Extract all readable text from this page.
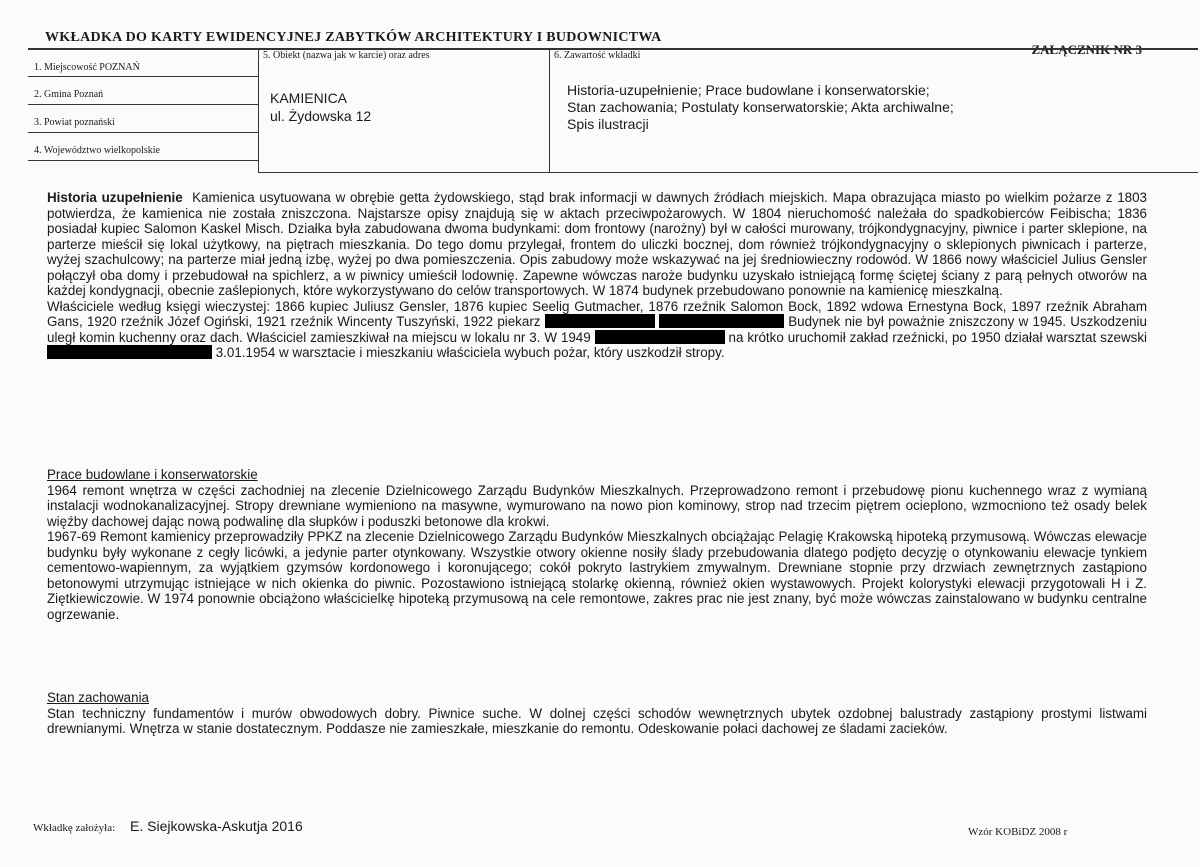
WKŁADKA DO KARTY EWIDENCYJNEJ ZABYTKÓW ARCHITEKTURY I BUDOWNICTWA
1. Miejscowość POZNAŃ
2. Gmina Poznań
3. Powiat poznański
4. Województwo wielkopolskie
5. Obiekt (nazwa jak w karcie) oraz adres
KAMIENICA
ul. Żydowska 12
6. Zawartość wkładki
Historia-uzupełnienie; Prace budowlane i konserwatorskie;
Stan zachowania; Postulaty konserwatorskie; Akta archiwalne;
Spis ilustracji

Historia uzupełnienie Kamienica usytuowana w obrębie getta żydowskiego, stąd brak informacji w dawnych źródłach miejskich. Mapa obrazująca miasto po wielkim pożarze z 1803 potwierdza, że kamienica nie została zniszczona. Najstarsze opisy znajdują się w aktach przeciwpożarowych. W 1804 nieruchomość należała do spadkobierców Feibischa; 1836 posiadał kupiec Salomon Kaskel Misch. Działka była zabudowana dwoma budynkami: dom frontowy (narożny) był w całości murowany, trójkondygnacyjny, piwnice i parter sklepione, na parterze mieścił się lokal użytkowy, na piętrach mieszkania. Do tego domu przylegał, frontem do uliczki bocznej, dom również trójkondygnacyjny o sklepionych piwnicach i parterze, wyżej szachulcowy; na parterze miał jedną izbę, wyżej po dwa pomieszczenia. Opis zabudowy może wskazywać na jej średniowieczny rodowód. W 1866 nowy właściciel Julius Gensler połączył oba domy i przebudował na spichlerz, a w piwnicy umieścił lodownię. Zapewne wówczas naroże budynku uzyskało istniejącą formę ściętej ściany z parą pełnych otworów na każdej kondygnacji, obecnie zaślepionych, które wykorzystywano do celów transportowych. W 1874 budynek przebudowano ponownie na kamienicę mieszkalną.

Właściciele według księgi wieczystej: 1866 kupiec Juliusz Gensler, 1876 kupiec Seelig Gutmacher, 1876 rzeźnik Salomon Bock, 1892 wdowa Ernestyna Bock, 1897 rzeźnik Abraham Gans, 1920 rzeźnik Józef Ogiński, 1921 rzeźnik Wincenty Tuszyński, 1922 piekarz	Budynek nie był poważnie zniszczony w 1945. Uszkodzeniu uległ komin kuchenny oraz dach. Właściciel zamieszkiwał na miejscu w lokalu nr 3. W 1949	na krótko uruchomił zakład rzeźnicki, po 1950 działał warsztat szewski  3.01.1954 w warsztacie i mieszkaniu właściciela wybuch pożar, który uszkodził stropy.

Prace budowlane i konserwatorskie

1964 remont wnętrza w części zachodniej na zlecenie Dzielnicowego Zarządu Budynków Mieszkalnych. Przeprowadzono remont i przebudowę pionu kuchennego wraz z wymianą instalacji wodnokanalizacyjnej. Stropy drewniane wymieniono na masywne, wymurowano na nowo pion kominowy, strop nad trzecim piętrem ocieplono, wzmocniono też osady belek więźby dachowej dając nową podwalinę dla słupków i poduszki betonowe dla krokwi.

1967-69 Remont kamienicy przeprowadziły PPKZ na zlecenie Dzielnicowego Zarządu Budynków Mieszkalnych obciążając Pelagię Krakowską hipoteką przymusową. Wówczas elewacje budynku były wykonane z cegły licówki, a jedynie parter otynkowany. Wszystkie otwory okienne nosiły ślady przebudowania dlatego podjęto decyzję o otynkowaniu elewacje tynkiem cementowo-wapiennym, za wyjątkiem gzymsów kordonowego i koronującego; cokół pokryto lastrykiem zmywalnym. Drewniane stopnie przy drzwiach zewnętrznych zastąpiono betonowymi utrzymując istniejące w nich okienka do piwnic. Pozostawiono istniejącą stolarkę okienną, również okien wystawowych. Projekt kolorystyki elewacji przygotowali H i Z. Ziętkiewiczowie. W 1974 ponownie obciążono właścicielkę hipoteką przymusową na cele remontowe, zakres prac nie jest znany, być może wówczas zainstalowano w budynku centralne ogrzewanie.

Stan zachowania

Stan techniczny fundamentów i murów obwodowych dobry. Piwnice suche. W dolnej części schodów wewnętrznych ubytek ozdobnej balustrady zastąpiony prostymi listwami drewnianymi. Wnętrza w stanie dostatecznym. Poddasze nie zamieszkałe, mieszkanie do remontu. Odeskowanie połaci dachowej ze śladami zacieków.

Wkładkę założyła: E. Siejkowska-Askutja 2016	Wzór KOBiDZ 2008 r
